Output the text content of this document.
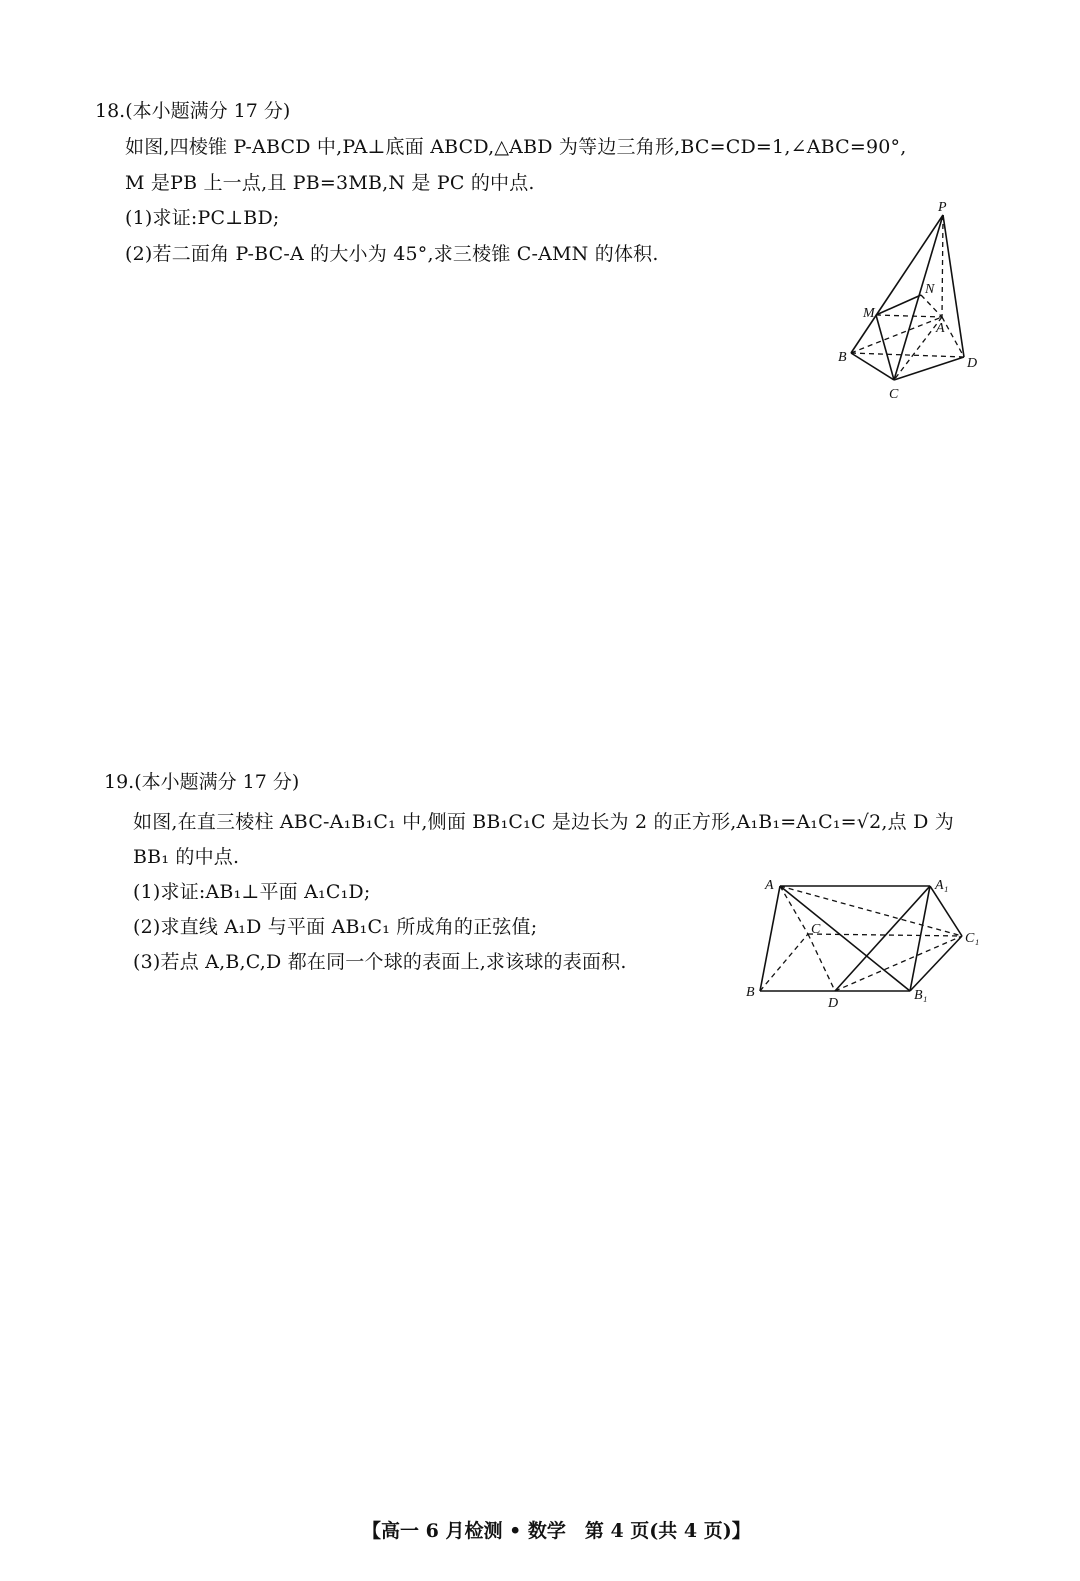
18.(本小题满分 17 分)
如图,四棱锥 P-ABCD 中,PA⊥底面 ABCD,△ABD 为等边三角形,BC=CD=1,∠ABC=90°,
M 是PB 上一点,且 PB=3MB,N 是 PC 的中点.
(1)求证:PC⊥BD;
(2)若二面角 P-BC-A 的大小为 45°,求三棱锥 C-AMN 的体积.
P
N
M
A
B
C
D
19.(本小题满分 17 分)
如图,在直三棱柱 ABC-A₁B₁C₁ 中,侧面 BB₁C₁C 是边长为 2 的正方形,A₁B₁=A₁C₁=√2,点 D 为
BB₁ 的中点.
(1)求证:AB₁⊥平面 A₁C₁D;
(2)求直线 A₁D 与平面 AB₁C₁ 所成角的正弦值;
(3)若点 A,B,C,D 都在同一个球的表面上,求该球的表面积.
A	A₁
C
C₁
B
D
B₁
【高一 6 月检测 • 数学　第 4 页(共 4 页)】
